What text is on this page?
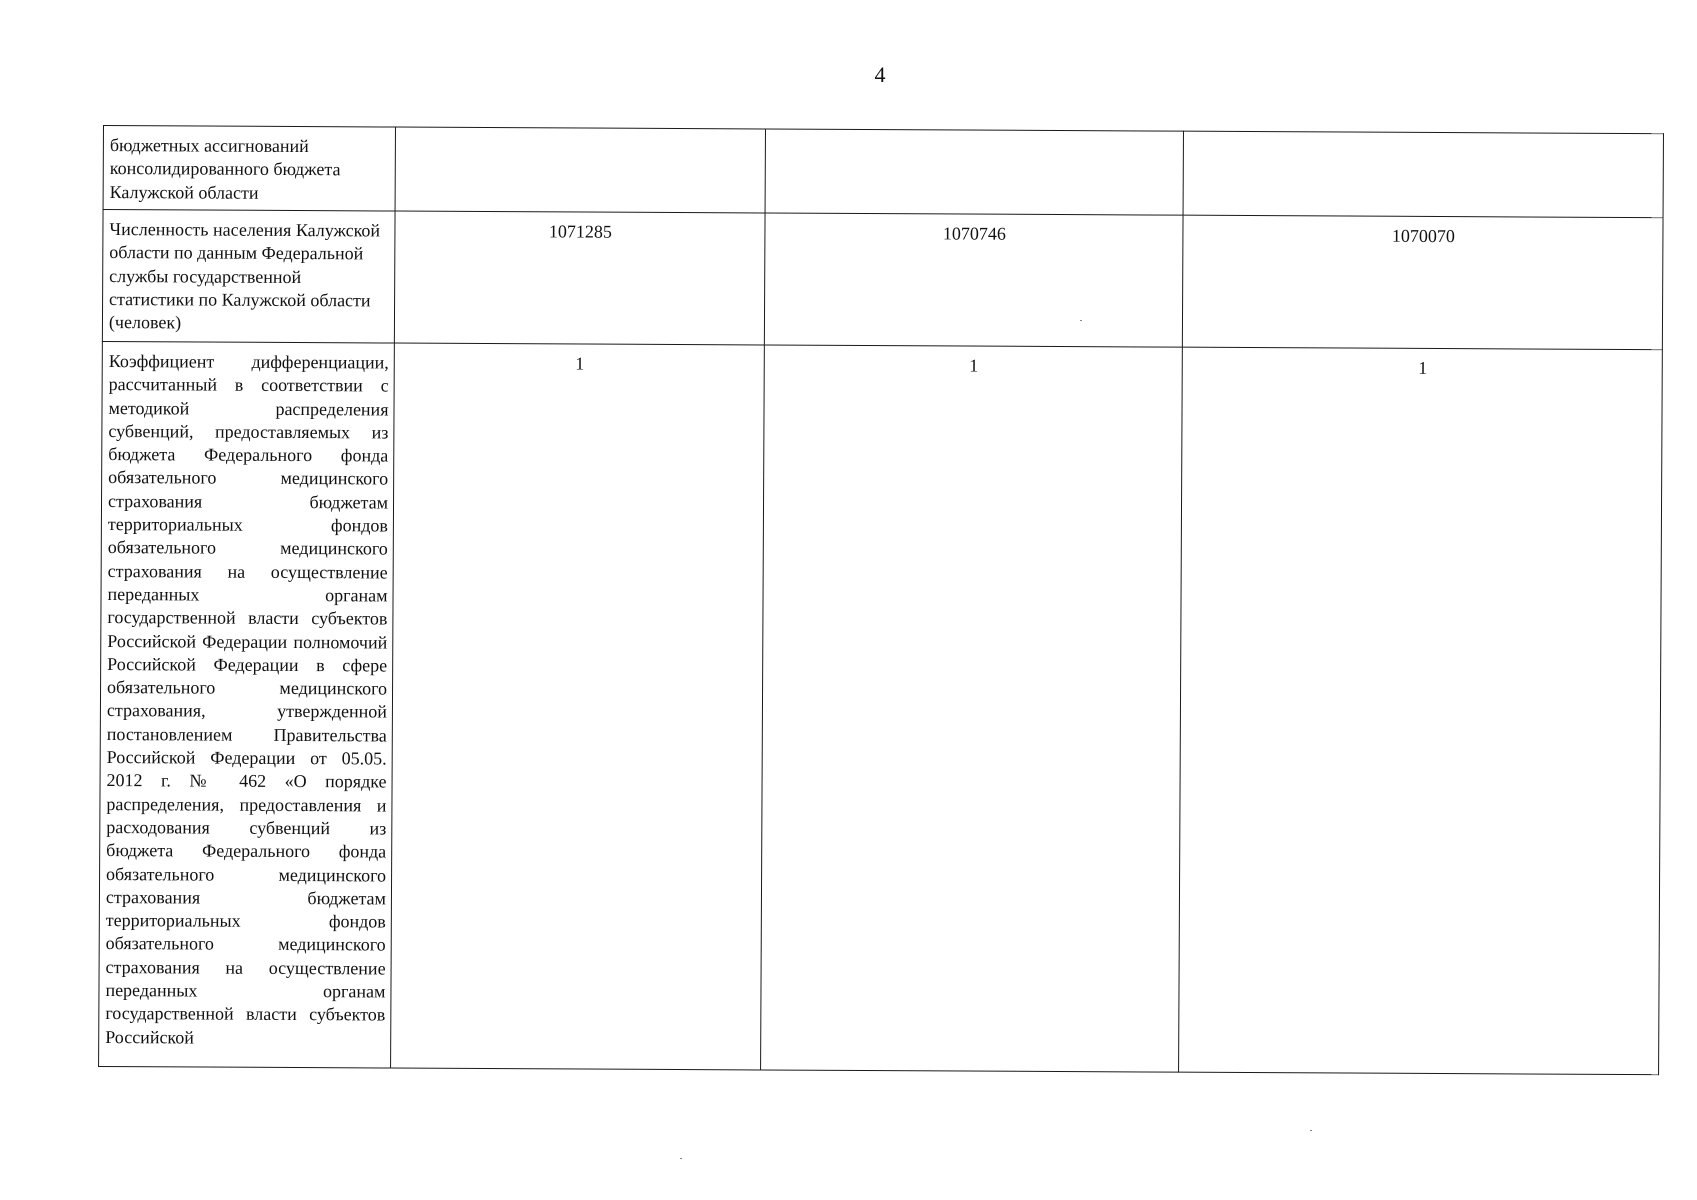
4
бюджетных ассигнований консолидированного бюджета Калужской области			
Численность населения Калужской области по данным Федеральной службы государственной статистики по Калужской области (человек)	1071285	1070746	1070070
Коэффициент дифференциации, рассчитанный в соответствии с методикой распределения субвенций, предоставляемых из бюджета Федерального фонда обязательного медицинского страхования бюджетам территориальных фондов обязательного медицинского страхования на осуществление переданных органам государственной власти субъектов Российской Федерации полномочий Российской Федерации в сфере обязательного медицинского страхования, утвержденной постановлением Правительства Российской Федерации от 05.05. 2012 г. № 462 «О порядке распределения, предоставления и расходования субвенций из бюджета Федерального фонда обязательного медицинского страхования бюджетам территориальных фондов обязательного медицинского страхования на осуществление переданных органам государственной власти субъектов Российской	1	1	1
